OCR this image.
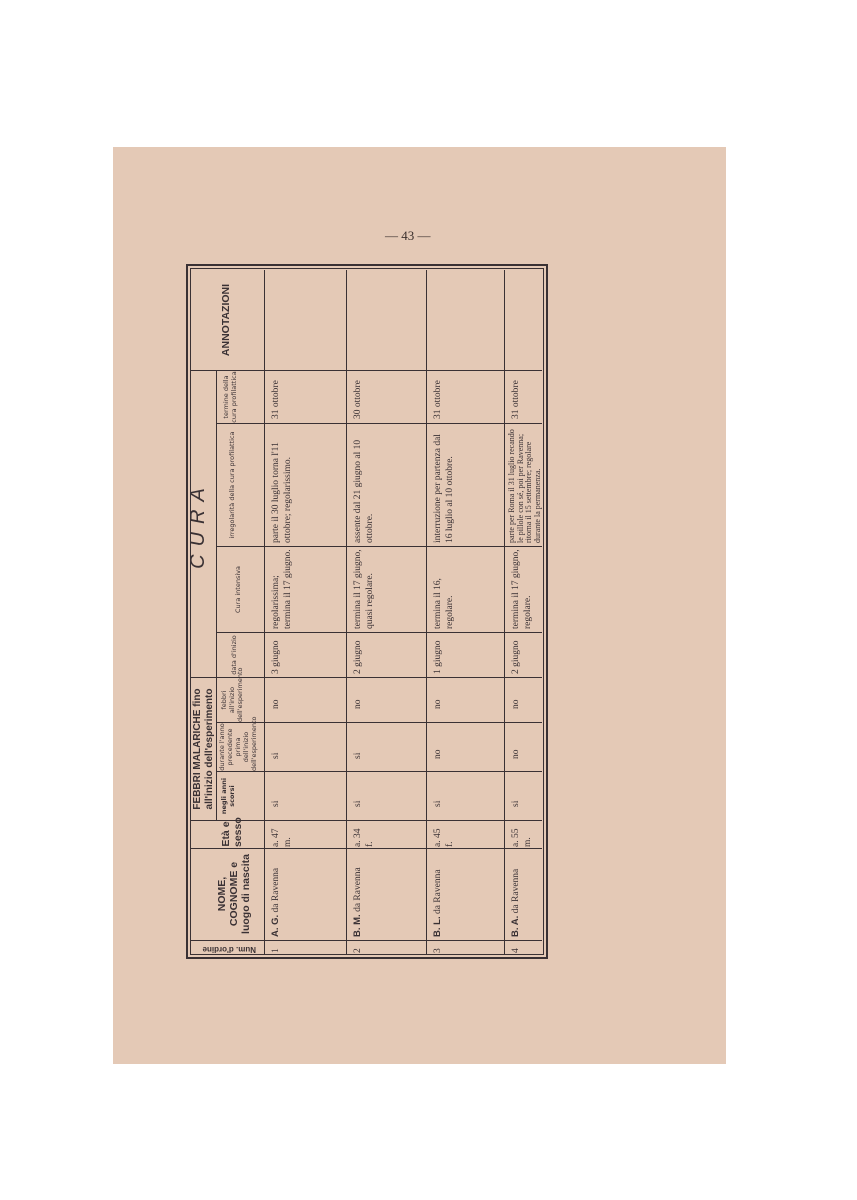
— 43 —
Num. d'ordine
NOME, COGNOME e luogo di nascita
Età e sesso
FEBBRI MALARICHE fino all'inizio dell'esperimento negli anni scorsi
durante l'anno precedente prima dell'inizio dell'esperimento
febbri all'inizio dell'esperimento
CURA
data d'inizio
Cura intensiva
irregolarità della cura profilattica
termine della cura profilattica
ANNOTAZIONI
1
A. G. da Ravenna
a. 47 m.
si
si
no
3 giugno
regolarissima; termina il 17 giugno.
parte il 30 luglio torna l'11 ottobre; regolarissimo.
31 ottobre
2
B. M. da Ravenna
a. 34 f.
si
si
no
2 giugno
termina il 17 giugno, quasi regolare.
assente dal 21 giugno al 10 ottobre.
30 ottobre
3
B. L. da Ravenna
a. 45 f.
si
no
no
1 giugno
termina il 16, regolare.
interruzione per partenza dal 16 luglio al 10 ottobre.
31 ottobre
4
B. A. da Ravenna
a. 55 m.
si
no
no
2 giugno
termina il 17 giugno, regolare.
parte per Roma il 31 luglio recando le pillole con sé, poi per Ravenna; ritorna il 15 settembre; regolare durante la permanenza.
31 ottobre
